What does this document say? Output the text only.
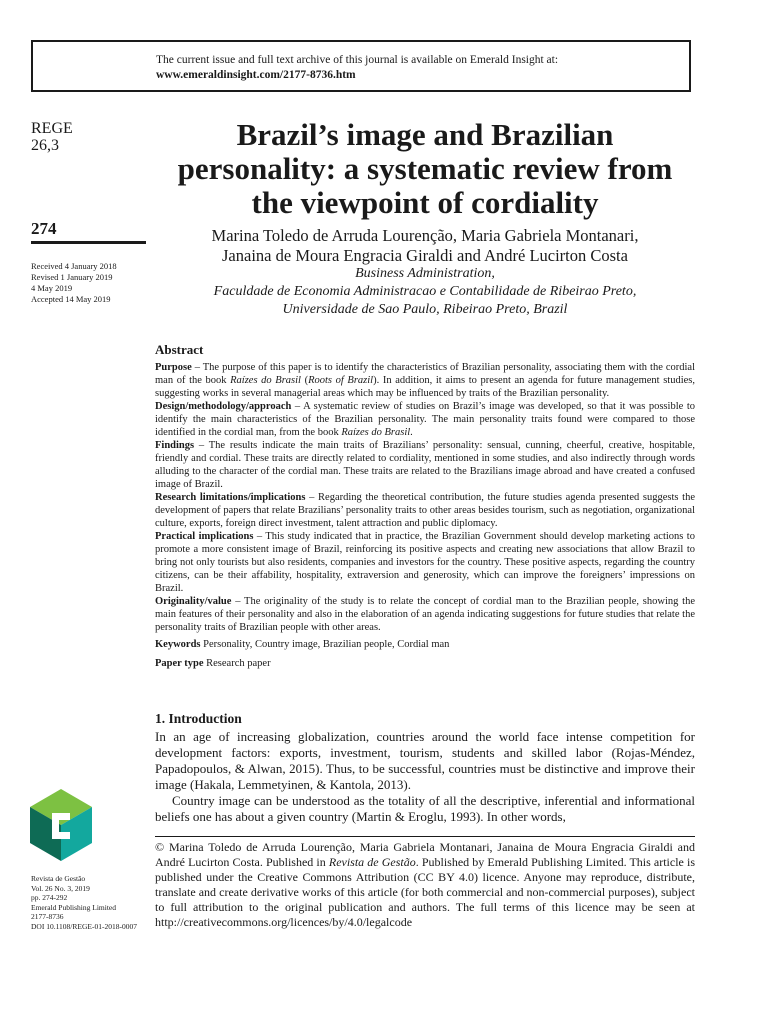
The current issue and full text archive of this journal is available on Emerald Insight at:
www.emeraldinsight.com/2177-8736.htm
REGE
26,3
274
Received 4 January 2018
Revised 1 January 2019
4 May 2019
Accepted 14 May 2019
Brazil’s image and Brazilian personality: a systematic review from the viewpoint of cordiality
Marina Toledo de Arruda Lourenção, Maria Gabriela Montanari,
Janaina de Moura Engracia Giraldi and André Lucirton Costa
Business Administration,
Faculdade de Economia Administracao e Contabilidade de Ribeirao Preto,
Universidade de Sao Paulo, Ribeirao Preto, Brazil
Abstract

Purpose – The purpose of this paper is to identify the characteristics of Brazilian personality, associating them with the cordial man of the book Raízes do Brasil (Roots of Brazil). In addition, it aims to present an agenda for future management studies, suggesting works in several managerial areas which may be influenced by traits of the Brazilian personality.

Design/methodology/approach – A systematic review of studies on Brazil’s image was developed, so that it was possible to identify the main characteristics of the Brazilian personality. The main personality traits found were compared to those identified in the cordial man, from the book Raízes do Brasil.

Findings – The results indicate the main traits of Brazilians’ personality: sensual, cunning, cheerful, creative, hospitable, friendly and cordial. These traits are directly related to cordiality, mentioned in some studies, and also indirectly through words alluding to the character of the cordial man. These traits are related to the Brazilians image abroad and have created a confused image of Brazil.

Research limitations/implications – Regarding the theoretical contribution, the future studies agenda presented suggests the development of papers that relate Brazilians’ personality traits to other areas besides tourism, such as negotiation, organizational culture, exports, foreign direct investment, talent attraction and public diplomacy.

Practical implications – This study indicated that in practice, the Brazilian Government should develop marketing actions to promote a more consistent image of Brazil, reinforcing its positive aspects and creating new associations that allow Brazil to bring not only tourists but also residents, companies and investors for the country. These positive aspects, regarding the country citizens, can be their affability, hospitality, extraversion and generosity, which can improve the foreigners’ impressions on Brazil.

Originality/value – The originality of the study is to relate the concept of cordial man to the Brazilian people, showing the main features of their personality and also in the elaboration of an agenda indicating suggestions for future studies that relate the personality traits of Brazilian people with other areas.

Keywords Personality, Country image, Brazilian people, Cordial man
Paper type Research paper
1. Introduction

In an age of increasing globalization, countries around the world face intense competition for development factors: exports, investment, tourism, students and skilled labor (Rojas-Méndez, Papadopoulos, & Alwan, 2015). Thus, to be successful, countries must be distinctive and improve their image (Hakala, Lemmetyinen, & Kantola, 2013).

Country image can be understood as the totality of all the descriptive, inferential and informational beliefs one has about a given country (Martin & Eroglu, 1993). In other words,

© Marina Toledo de Arruda Lourenção, Maria Gabriela Montanari, Janaina de Moura Engracia Giraldi and André Lucirton Costa. Published in Revista de Gestão. Published by Emerald Publishing Limited. This article is published under the Creative Commons Attribution (CC BY 4.0) licence. Anyone may reproduce, distribute, translate and create derivative works of this article (for both commercial and non-commercial purposes), subject to full attribution to the original publication and authors. The full terms of this licence may be seen at http://creativecommons.org/licences/by/4.0/legalcode
Revista de Gestão
Vol. 26 No. 3, 2019
pp. 274-292
Emerald Publishing Limited
2177-8736
DOI 10.1108/REGE-01-2018-0007
